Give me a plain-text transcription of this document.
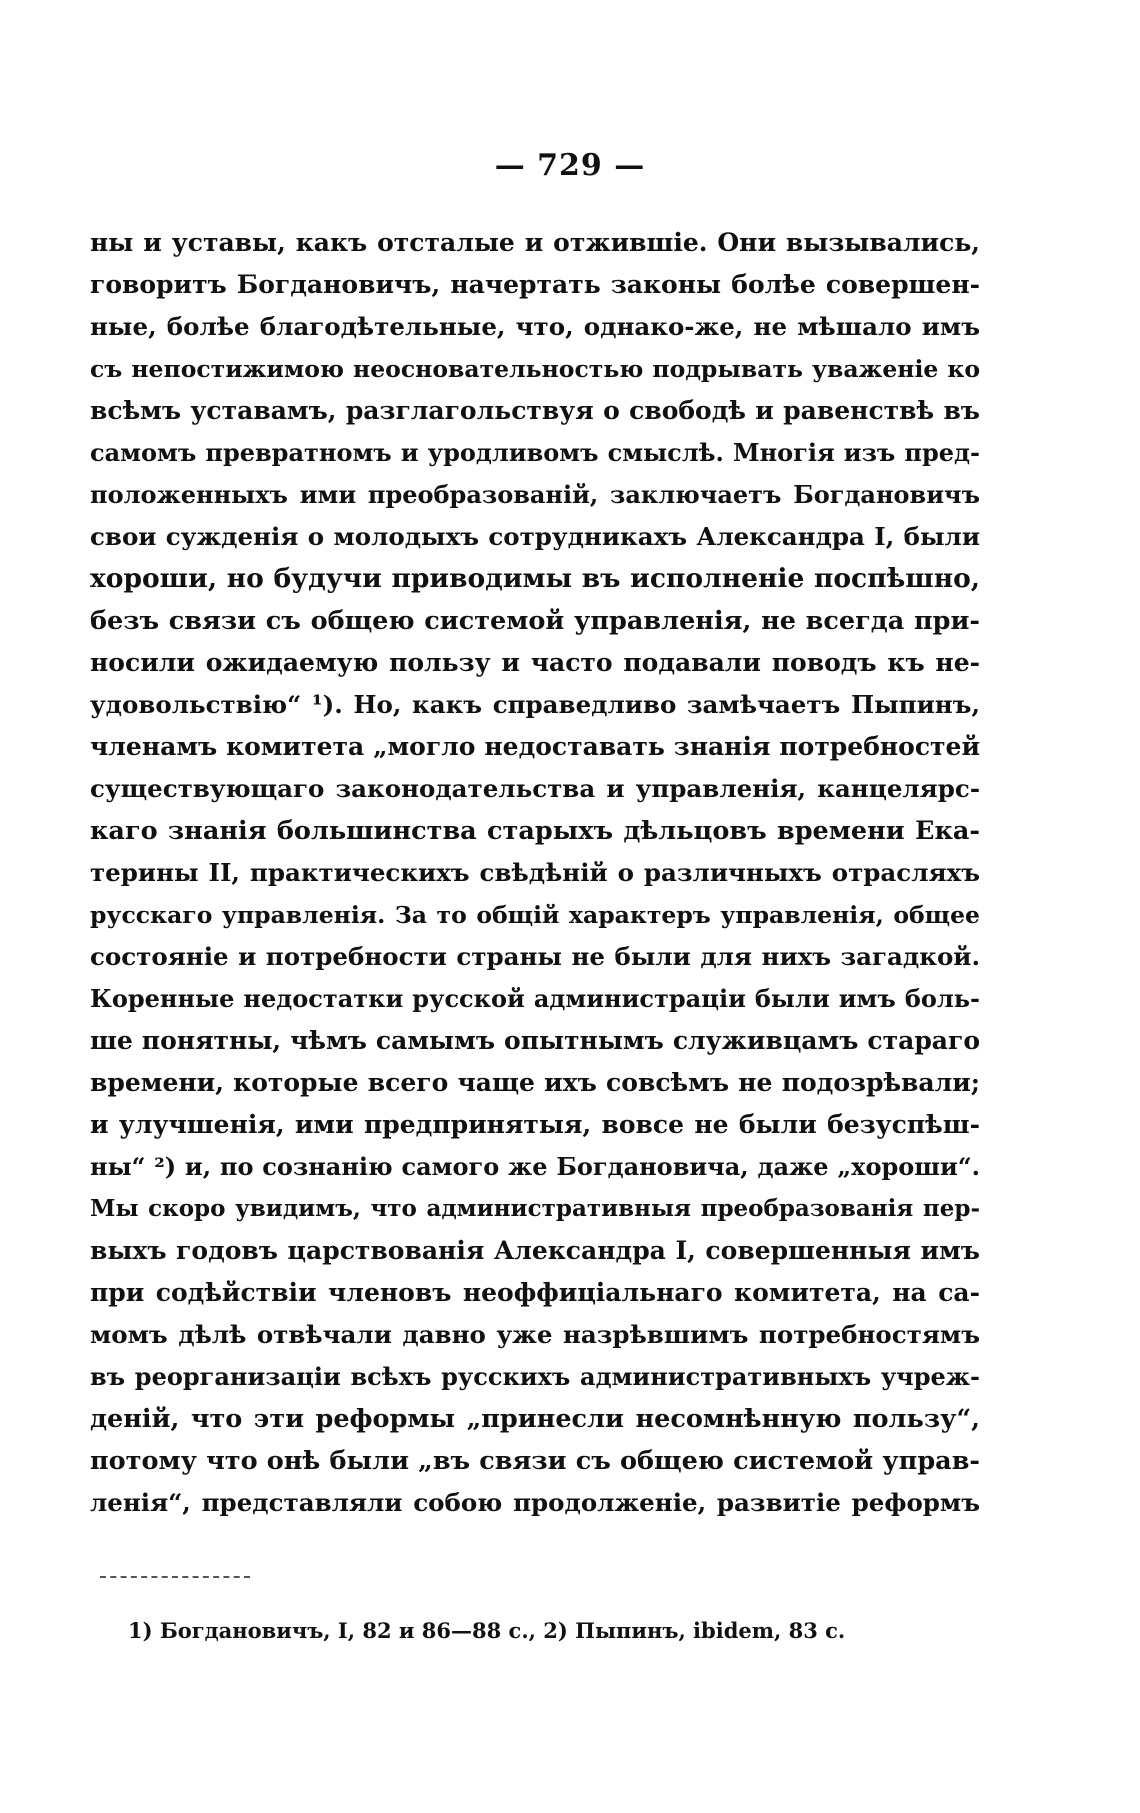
— 729 —
ны и уставы, какъ отсталые и отжившіе. Они вызывались,
говоритъ Богдановичъ, начертать законы болѣе совершен-
ные, болѣе благодѣтельные, что, однако-же, не мѣшало имъ
съ непостижимою неосновательностью подрывать уваженіе ко
всѣмъ уставамъ, разглагольствуя о свободѣ и равенствѣ въ
самомъ превратномъ и уродливомъ смыслѣ. Многія изъ пред-
положенныхъ ими преобразованій, заключаетъ Богдановичъ
свои сужденія о молодыхъ сотрудникахъ Александра I, были
хороши, но будучи приводимы въ исполненіе поспѣшно,
безъ связи съ общею системой управленія, не всегда при-
носили ожидаемую пользу и часто подавали поводъ къ не-
удовольствію“ ¹). Но, какъ справедливо замѣчаетъ Пыпинъ,
членамъ комитета „могло недоставать знанія потребностей
существующаго законодательства и управленія, канцелярс-
каго знанія большинства старыхъ дѣльцовъ времени Ека-
терины II, практическихъ свѣдѣній о различныхъ отрасляхъ
русскаго управленія. За то общій характеръ управленія, общее
состояніе и потребности страны не были для нихъ загадкой.
Коренные недостатки русской администраціи были имъ боль-
ше понятны, чѣмъ самымъ опытнымъ служивцамъ стараго
времени, которые всего чаще ихъ совсѣмъ не подозрѣвали;
и улучшенія, ими предпринятыя, вовсе не были безуспѣш-
ны“ ²) и, по сознанію самого же Богдановича, даже „хороши“.
Мы скоро увидимъ, что административныя преобразованія пер-
выхъ годовъ царствованія Александра I, совершенныя имъ
при содѣйствіи членовъ неоффиціальнаго комитета, на са-
момъ дѣлѣ отвѣчали давно уже назрѣвшимъ потребностямъ
въ реорганизаціи всѣхъ русскихъ административныхъ учреж-
деній, что эти реформы „принесли несомнѣнную пользу“,
потому что онѣ были „въ связи съ общею системой управ-
ленія“, представляли собою продолженіе, развитіе реформъ
1) Богдановичъ, I, 82 и 86—88 с., 2) Пыпинъ, ibidem, 83 с.
